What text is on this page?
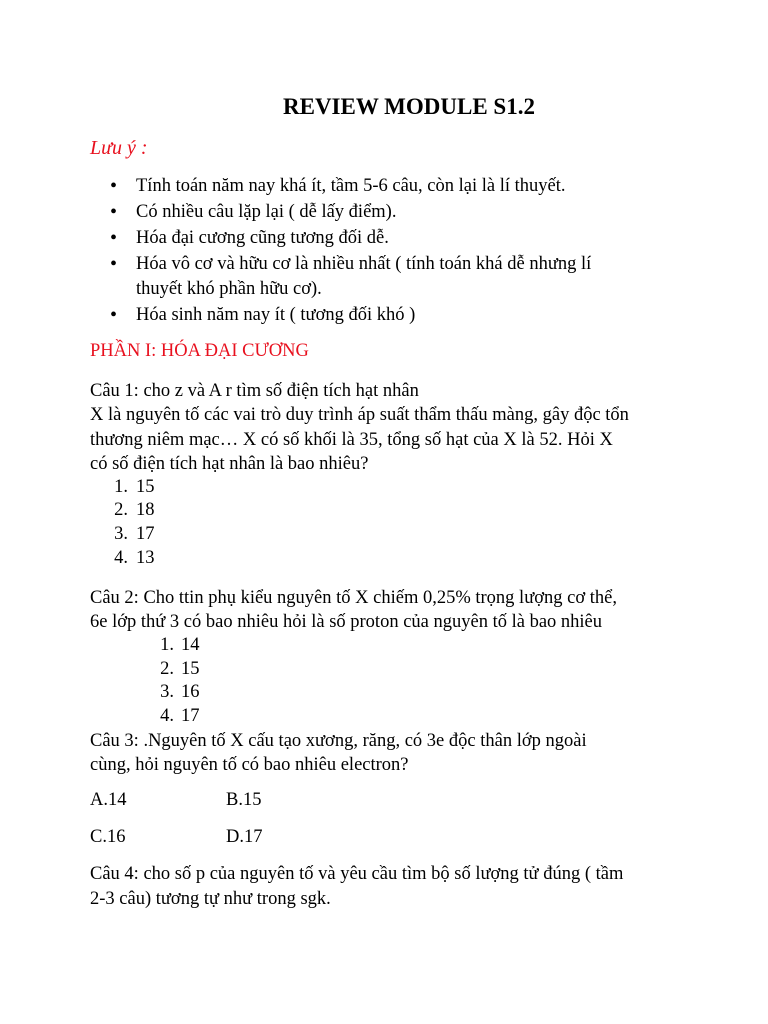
REVIEW MODULE S1.2
Lưu ý :
Tính toán năm nay khá ít, tầm 5-6 câu, còn lại là lí thuyết.
Có nhiều câu lặp lại ( dễ lấy điểm).
Hóa đại cương cũng tương đối dễ.
Hóa vô cơ và hữu cơ là nhiều nhất ( tính toán khá dễ nhưng lí
thuyết khó phần hữu cơ).
Hóa sinh năm nay ít ( tương đối khó )
PHẦN I: HÓA ĐẠI CƯƠNG
Câu 1: cho z và A r tìm số điện tích hạt nhân
X là nguyên tố các vai trò duy trình áp suất thẩm thấu màng, gây độc tổn
thương niêm mạc… X có số khối là 35, tổng số hạt của X là 52. Hỏi X
có số điện tích hạt nhân là bao nhiêu?
1. 15
2. 18
3. 17
4. 13
Câu 2: Cho ttin phụ kiểu nguyên tố X chiếm 0,25% trọng lượng cơ thể,
6e lớp thứ 3 có bao nhiêu hỏi là số proton của nguyên tố là bao nhiêu
1. 14
2. 15
3. 16
4. 17
Câu 3: .Nguyên tố X cấu tạo xương, răng, có 3e độc thân lớp ngoài
cùng, hỏi nguyên tố có bao nhiêu electron?
A.14	B.15
C.16	D.17
Câu 4: cho số p của nguyên tố và yêu cầu tìm bộ số lượng tử đúng ( tầm
2-3 câu) tương tự như trong sgk.
